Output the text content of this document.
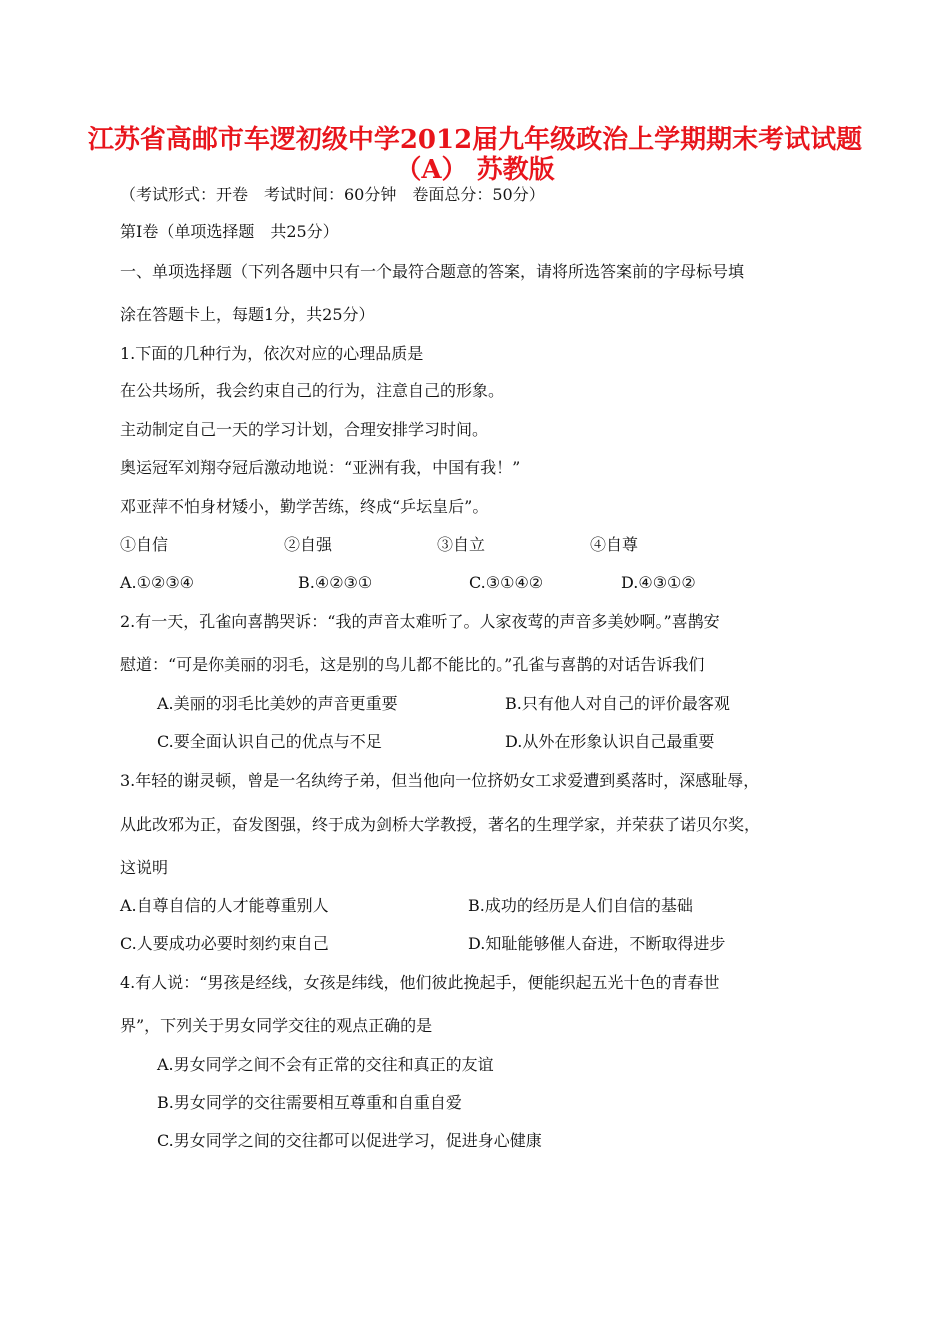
江苏省高邮市车逻初级中学2012届九年级政治上学期期末考试试题
（A） 苏教版
（考试形式：开卷　考试时间：60分钟　卷面总分：50分）
第Ⅰ卷（单项选择题　共25分）
一、单项选择题（下列各题中只有一个最符合题意的答案，请将所选答案前的字母标号填
涂在答题卡上，每题1分，共25分）
1.下面的几种行为，依次对应的心理品质是
在公共场所，我会约束自己的行为，注意自己的形象。
主动制定自己一天的学习计划，合理安排学习时间。
奥运冠军刘翔夺冠后激动地说：“亚洲有我，中国有我！”
邓亚萍不怕身材矮小，勤学苦练，终成“乒坛皇后”。
①自信	②自强	③自立	④自尊
A.①②③④	B.④②③①	C.③①④②	D.④③①②
2.有一天，孔雀向喜鹊哭诉：“我的声音太难听了。人家夜莺的声音多美妙啊。”喜鹊安
慰道：“可是你美丽的羽毛，这是别的鸟儿都不能比的。”孔雀与喜鹊的对话告诉我们
A.美丽的羽毛比美妙的声音更重要	B.只有他人对自己的评价最客观
C.要全面认识自己的优点与不足	D.从外在形象认识自己最重要
3.年轻的谢灵顿，曾是一名纨绔子弟，但当他向一位挤奶女工求爱遭到奚落时，深感耻辱，
从此改邪为正，奋发图强，终于成为剑桥大学教授，著名的生理学家，并荣获了诺贝尔奖，
这说明
A.自尊自信的人才能尊重别人	B.成功的经历是人们自信的基础
C.人要成功必要时刻约束自己	D.知耻能够催人奋进，不断取得进步
4.有人说：“男孩是经线，女孩是纬线，他们彼此挽起手，便能织起五光十色的青春世
界”，下列关于男女同学交往的观点正确的是
A.男女同学之间不会有正常的交往和真正的友谊
B.男女同学的交往需要相互尊重和自重自爱
C.男女同学之间的交往都可以促进学习，促进身心健康
